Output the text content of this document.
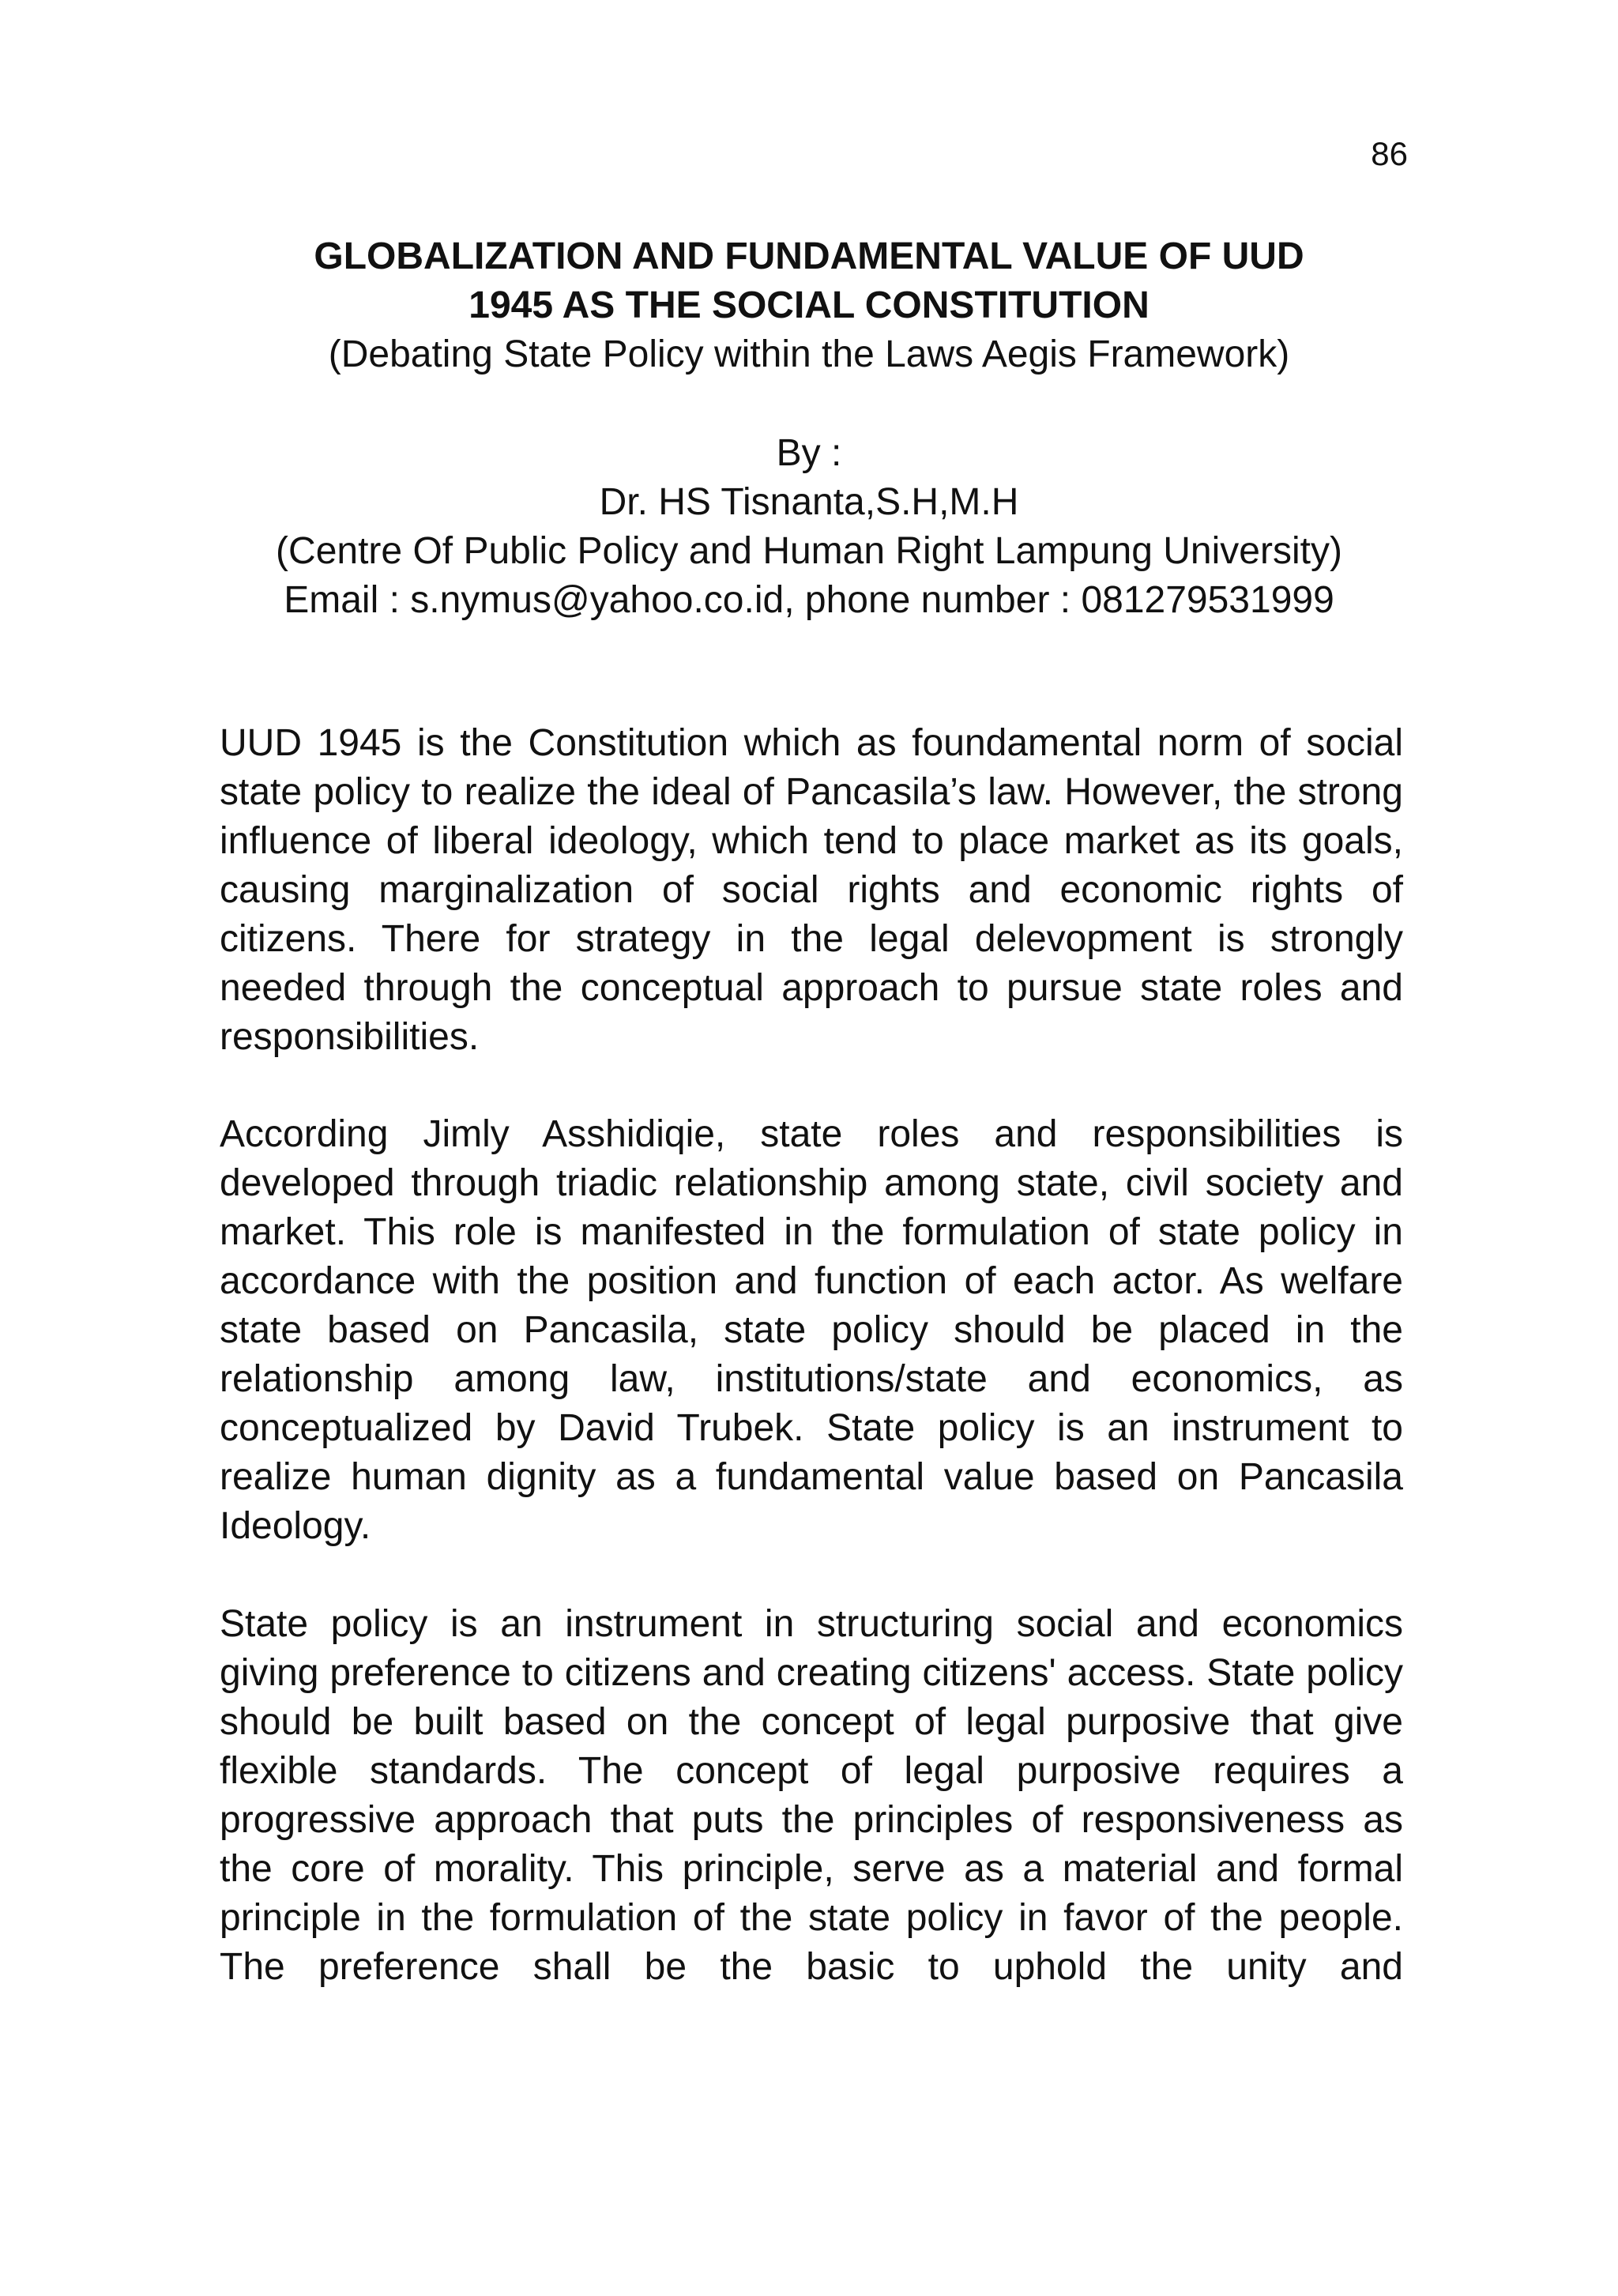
86
GLOBALIZATION AND FUNDAMENTAL VALUE OF UUD
1945 AS THE SOCIAL CONSTITUTION
(Debating State Policy within the Laws Aegis Framework)
By :
Dr. HS Tisnanta,S.H,M.H
(Centre Of Public Policy and Human Right Lampung University)
Email : s.nymus@yahoo.co.id, phone number : 081279531999

UUD 1945 is the Constitution which as foundamental norm of social state policy to realize the ideal of Pancasila’s law. However, the strong influence of liberal ideology, which tend to place market as its goals, causing marginalization of social rights and economic rights of citizens. There for strategy in the legal delevopment is strongly needed through the conceptual approach to pursue state roles and responsibilities.

According Jimly Asshidiqie, state roles and responsibilities is developed through triadic relationship among state, civil society and market. This role is manifested in the formulation of state policy in accordance with the position and function of each actor. As welfare state based on Pancasila, state policy should be placed in the relationship among law, institutions/state and economics, as conceptualized by David Trubek. State policy is an instrument to realize human dignity as a fundamental value based on Pancasila Ideology.

State policy is an instrument in structuring social and economics giving preference to citizens and creating citizens' access. State policy should be built based on the concept of legal purposive that give flexible standards. The concept of legal purposive requires a progressive approach that puts the principles of responsiveness as the core of morality. This principle, serve as a material and formal principle in the formulation of the state policy in favor of the people. The preference shall be the basic to uphold the unity and
